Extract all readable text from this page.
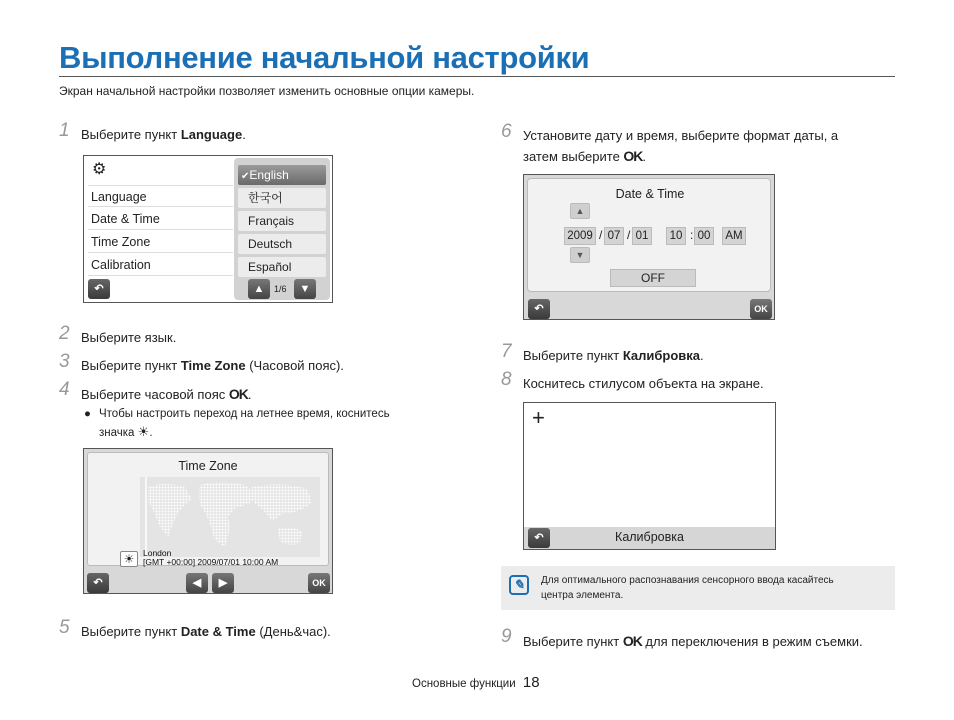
Выполнение начальной настройки
Экран начальной настройки позволяет изменить основные опции камеры.
1 Выберите пункт Language.
⚙
Language
Date & Time
Time Zone
Calibration
↶
✔English
한국어
Français
Deutsch
Español
▲	1/6	▼
2 Выберите язык.
3 Выберите пункт Time Zone (Часовой пояс).
4 Выберите часовой пояс OK.
● Чтобы настроить переход на летнее время, коснитесь
значка ☀.
Time Zone
☀	London
[GMT +00:00] 2009/07/01 10:00 AM
↶	◀	▶	OK
5 Выберите пункт Date & Time (День&час).
6 Установите дату и время, выберите формат даты, а
затем выберите OK.
Date & Time
▲
2009 / 07 / 01	10 : 00	AM
▼
OFF
↶	OK
7 Выберите пункт Калибровка.
8 Коснитесь стилусом объекта на экране.
+
Калибровка
↶
✎	Для оптимального распознавания сенсорного ввода касайтесь
центра элемента.
9 Выберите пункт OK для переключения в режим съемки.
Основные функции 18
